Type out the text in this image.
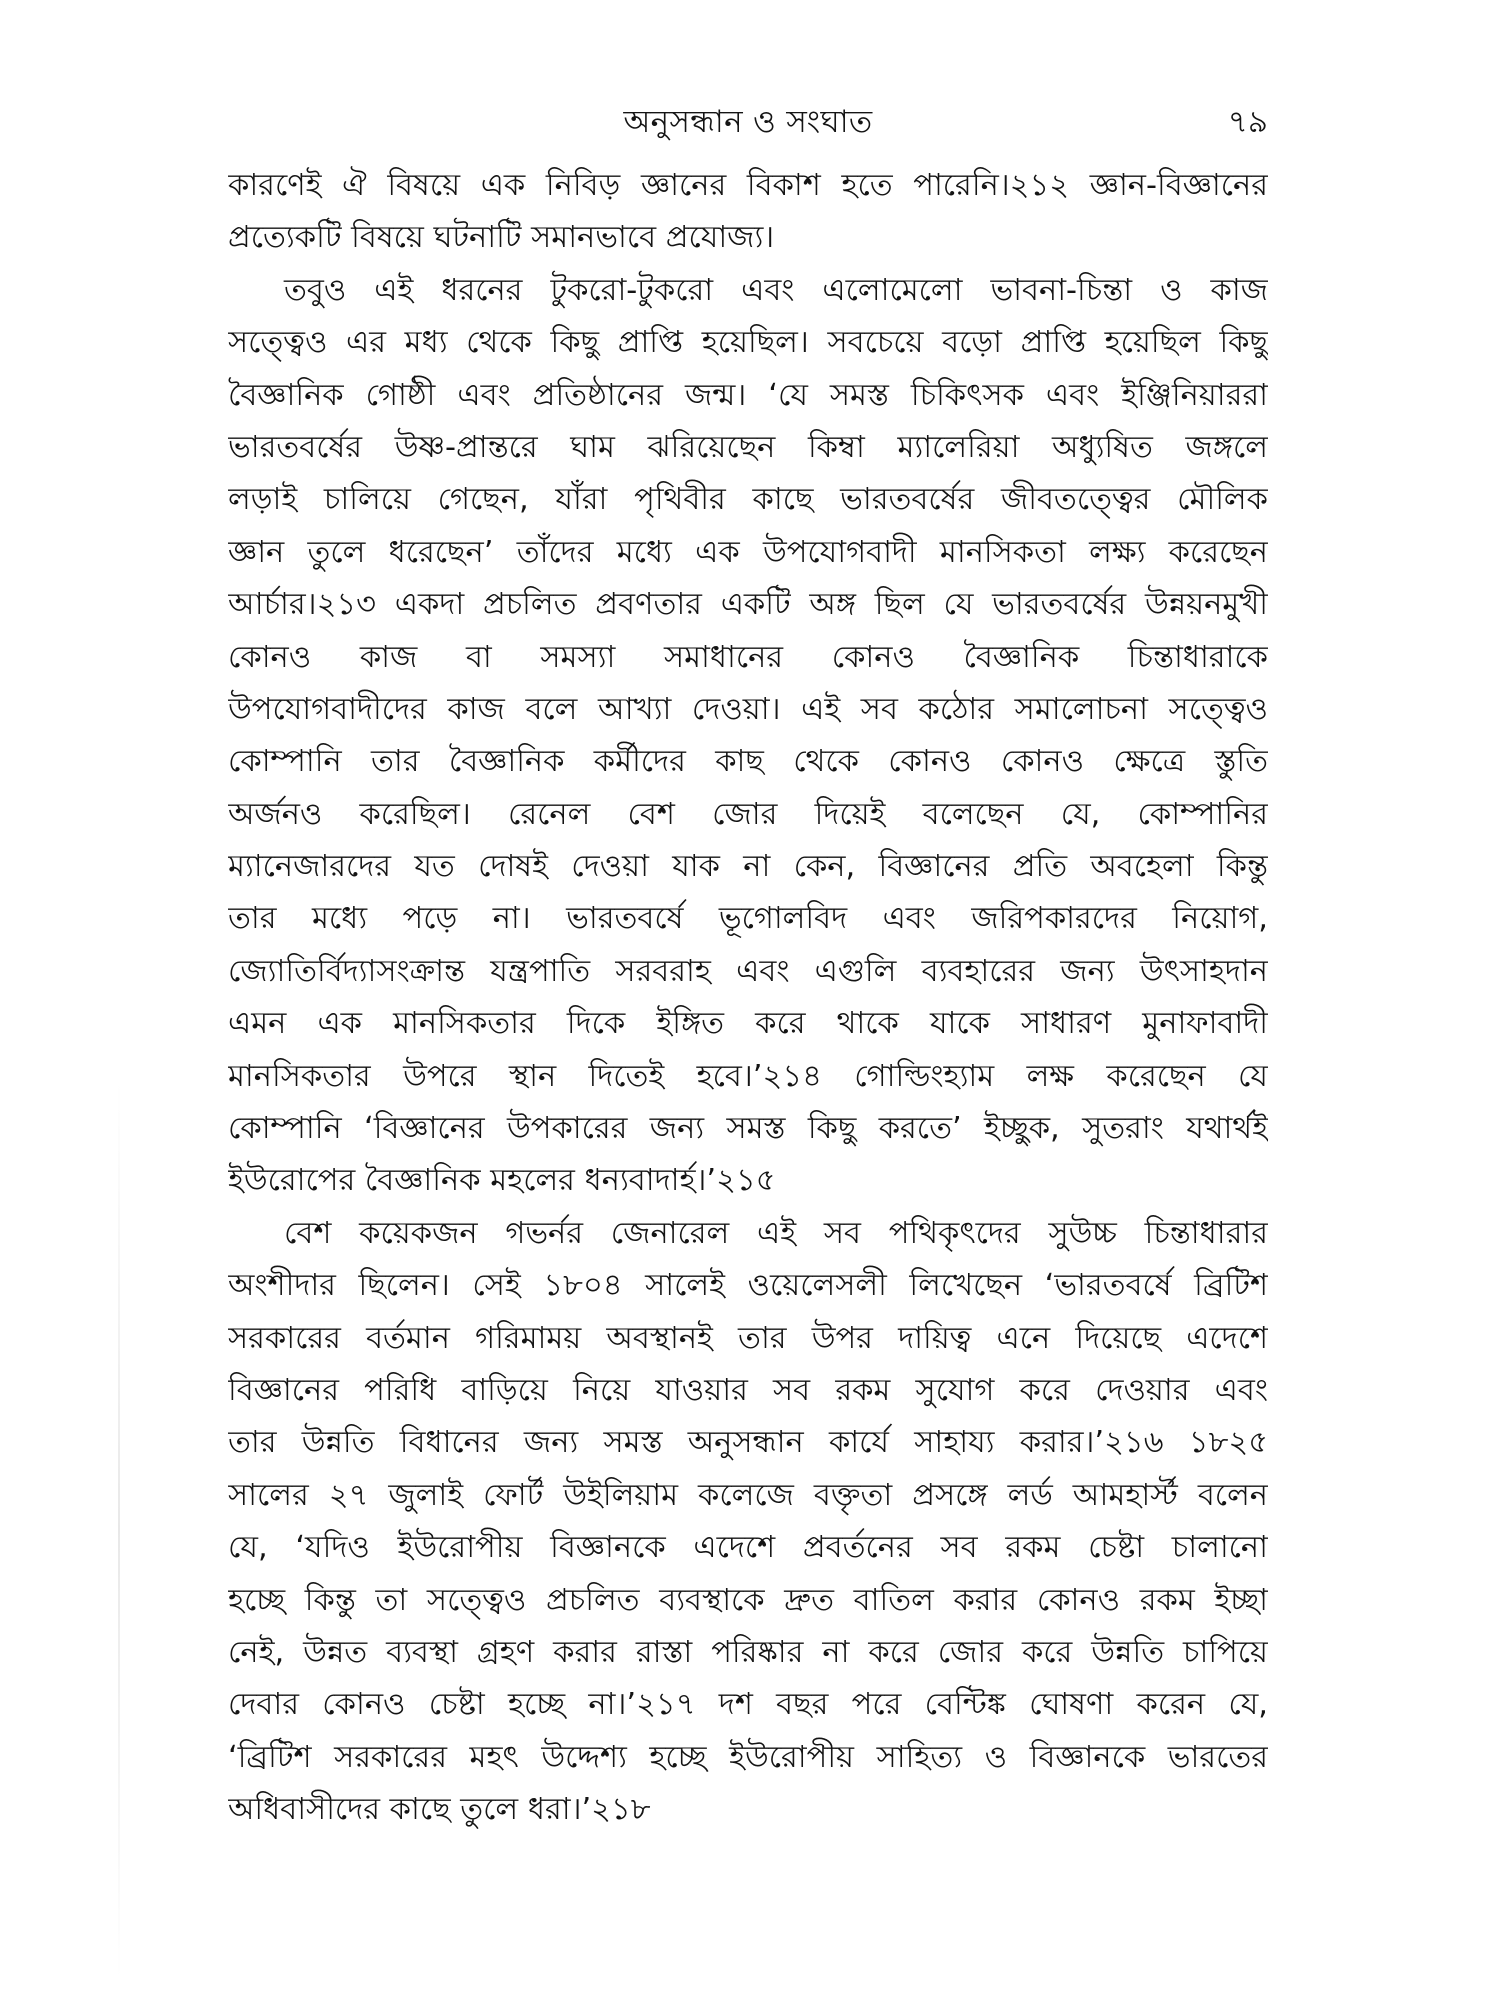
অনুসন্ধান ও সংঘাত	৭৯
কারণেই ঐ বিষয়ে এক নিবিড় জ্ঞানের বিকাশ হতে পারেনি।২১২ জ্ঞান-বিজ্ঞানের
প্রত্যেকটি বিষয়ে ঘটনাটি সমানভাবে প্রযোজ্য।
তবুও এই ধরনের টুকরো-টুকরো এবং এলোমেলো ভাবনা-চিন্তা ও কাজ
সত্ত্বেও এর মধ্য থেকে কিছু প্রাপ্তি হয়েছিল। সবচেয়ে বড়ো প্রাপ্তি হয়েছিল কিছু
বৈজ্ঞানিক গোষ্ঠী এবং প্রতিষ্ঠানের জন্ম। ‘যে সমস্ত চিকিৎসক এবং ইঞ্জিনিয়াররা
ভারতবর্ষের উষ্ণ-প্রান্তরে ঘাম ঝরিয়েছেন কিম্বা ম্যালেরিয়া অধ্যুষিত জঙ্গলে
লড়াই চালিয়ে গেছেন, যাঁরা পৃথিবীর কাছে ভারতবর্ষের জীবতত্ত্বের মৌলিক
জ্ঞান তুলে ধরেছেন’ তাঁদের মধ্যে এক উপযোগবাদী মানসিকতা লক্ষ্য করেছেন
আর্চার।২১৩ একদা প্রচলিত প্রবণতার একটি অঙ্গ ছিল যে ভারতবর্ষের উন্নয়নমুখী
কোনও কাজ বা সমস্যা সমাধানের কোনও বৈজ্ঞানিক চিন্তাধারাকে
উপযোগবাদীদের কাজ বলে আখ্যা দেওয়া। এই সব কঠোর সমালোচনা সত্ত্বেও
কোম্পানি তার বৈজ্ঞানিক কর্মীদের কাছ থেকে কোনও কোনও ক্ষেত্রে স্তুতি
অর্জনও করেছিল। রেনেল বেশ জোর দিয়েই বলেছেন যে, কোম্পানির
ম্যানেজারদের যত দোষই দেওয়া যাক না কেন, বিজ্ঞানের প্রতি অবহেলা কিন্তু
তার মধ্যে পড়ে না। ভারতবর্ষে ভূগোলবিদ এবং জরিপকারদের নিয়োগ,
জ্যোতির্বিদ্যাসংক্রান্ত যন্ত্রপাতি সরবরাহ এবং এগুলি ব্যবহারের জন্য উৎসাহদান
এমন এক মানসিকতার দিকে ইঙ্গিত করে থাকে যাকে সাধারণ মুনাফাবাদী
মানসিকতার উপরে স্থান দিতেই হবে।’২১৪ গোল্ডিংহ্যাম লক্ষ করেছেন যে
কোম্পানি ‘বিজ্ঞানের উপকারের জন্য সমস্ত কিছু করতে’ ইচ্ছুক, সুতরাং যথার্থই
ইউরোপের বৈজ্ঞানিক মহলের ধন্যবাদার্হ।’২১৫
বেশ কয়েকজন গভর্নর জেনারেল এই সব পথিকৃৎদের সুউচ্চ চিন্তাধারার
অংশীদার ছিলেন। সেই ১৮০৪ সালেই ওয়েলেসলী লিখেছেন ‘ভারতবর্ষে ব্রিটিশ
সরকারের বর্তমান গরিমাময় অবস্থানই তার উপর দায়িত্ব এনে দিয়েছে এদেশে
বিজ্ঞানের পরিধি বাড়িয়ে নিয়ে যাওয়ার সব রকম সুযোগ করে দেওয়ার এবং
তার উন্নতি বিধানের জন্য সমস্ত অনুসন্ধান কার্যে সাহায্য করার।’২১৬ ১৮২৫
সালের ২৭ জুলাই ফোর্ট উইলিয়াম কলেজে বক্তৃতা প্রসঙ্গে লর্ড আমহার্স্ট বলেন
যে, ‘যদিও ইউরোপীয় বিজ্ঞানকে এদেশে প্রবর্তনের সব রকম চেষ্টা চালানো
হচ্ছে কিন্তু তা সত্ত্বেও প্রচলিত ব্যবস্থাকে দ্রুত বাতিল করার কোনও রকম ইচ্ছা
নেই, উন্নত ব্যবস্থা গ্রহণ করার রাস্তা পরিষ্কার না করে জোর করে উন্নতি চাপিয়ে
দেবার কোনও চেষ্টা হচ্ছে না।’২১৭ দশ বছর পরে বেন্টিঙ্ক ঘোষণা করেন যে,
‘ব্রিটিশ সরকারের মহৎ উদ্দেশ্য হচ্ছে ইউরোপীয় সাহিত্য ও বিজ্ঞানকে ভারতের
অধিবাসীদের কাছে তুলে ধরা।’২১৮
